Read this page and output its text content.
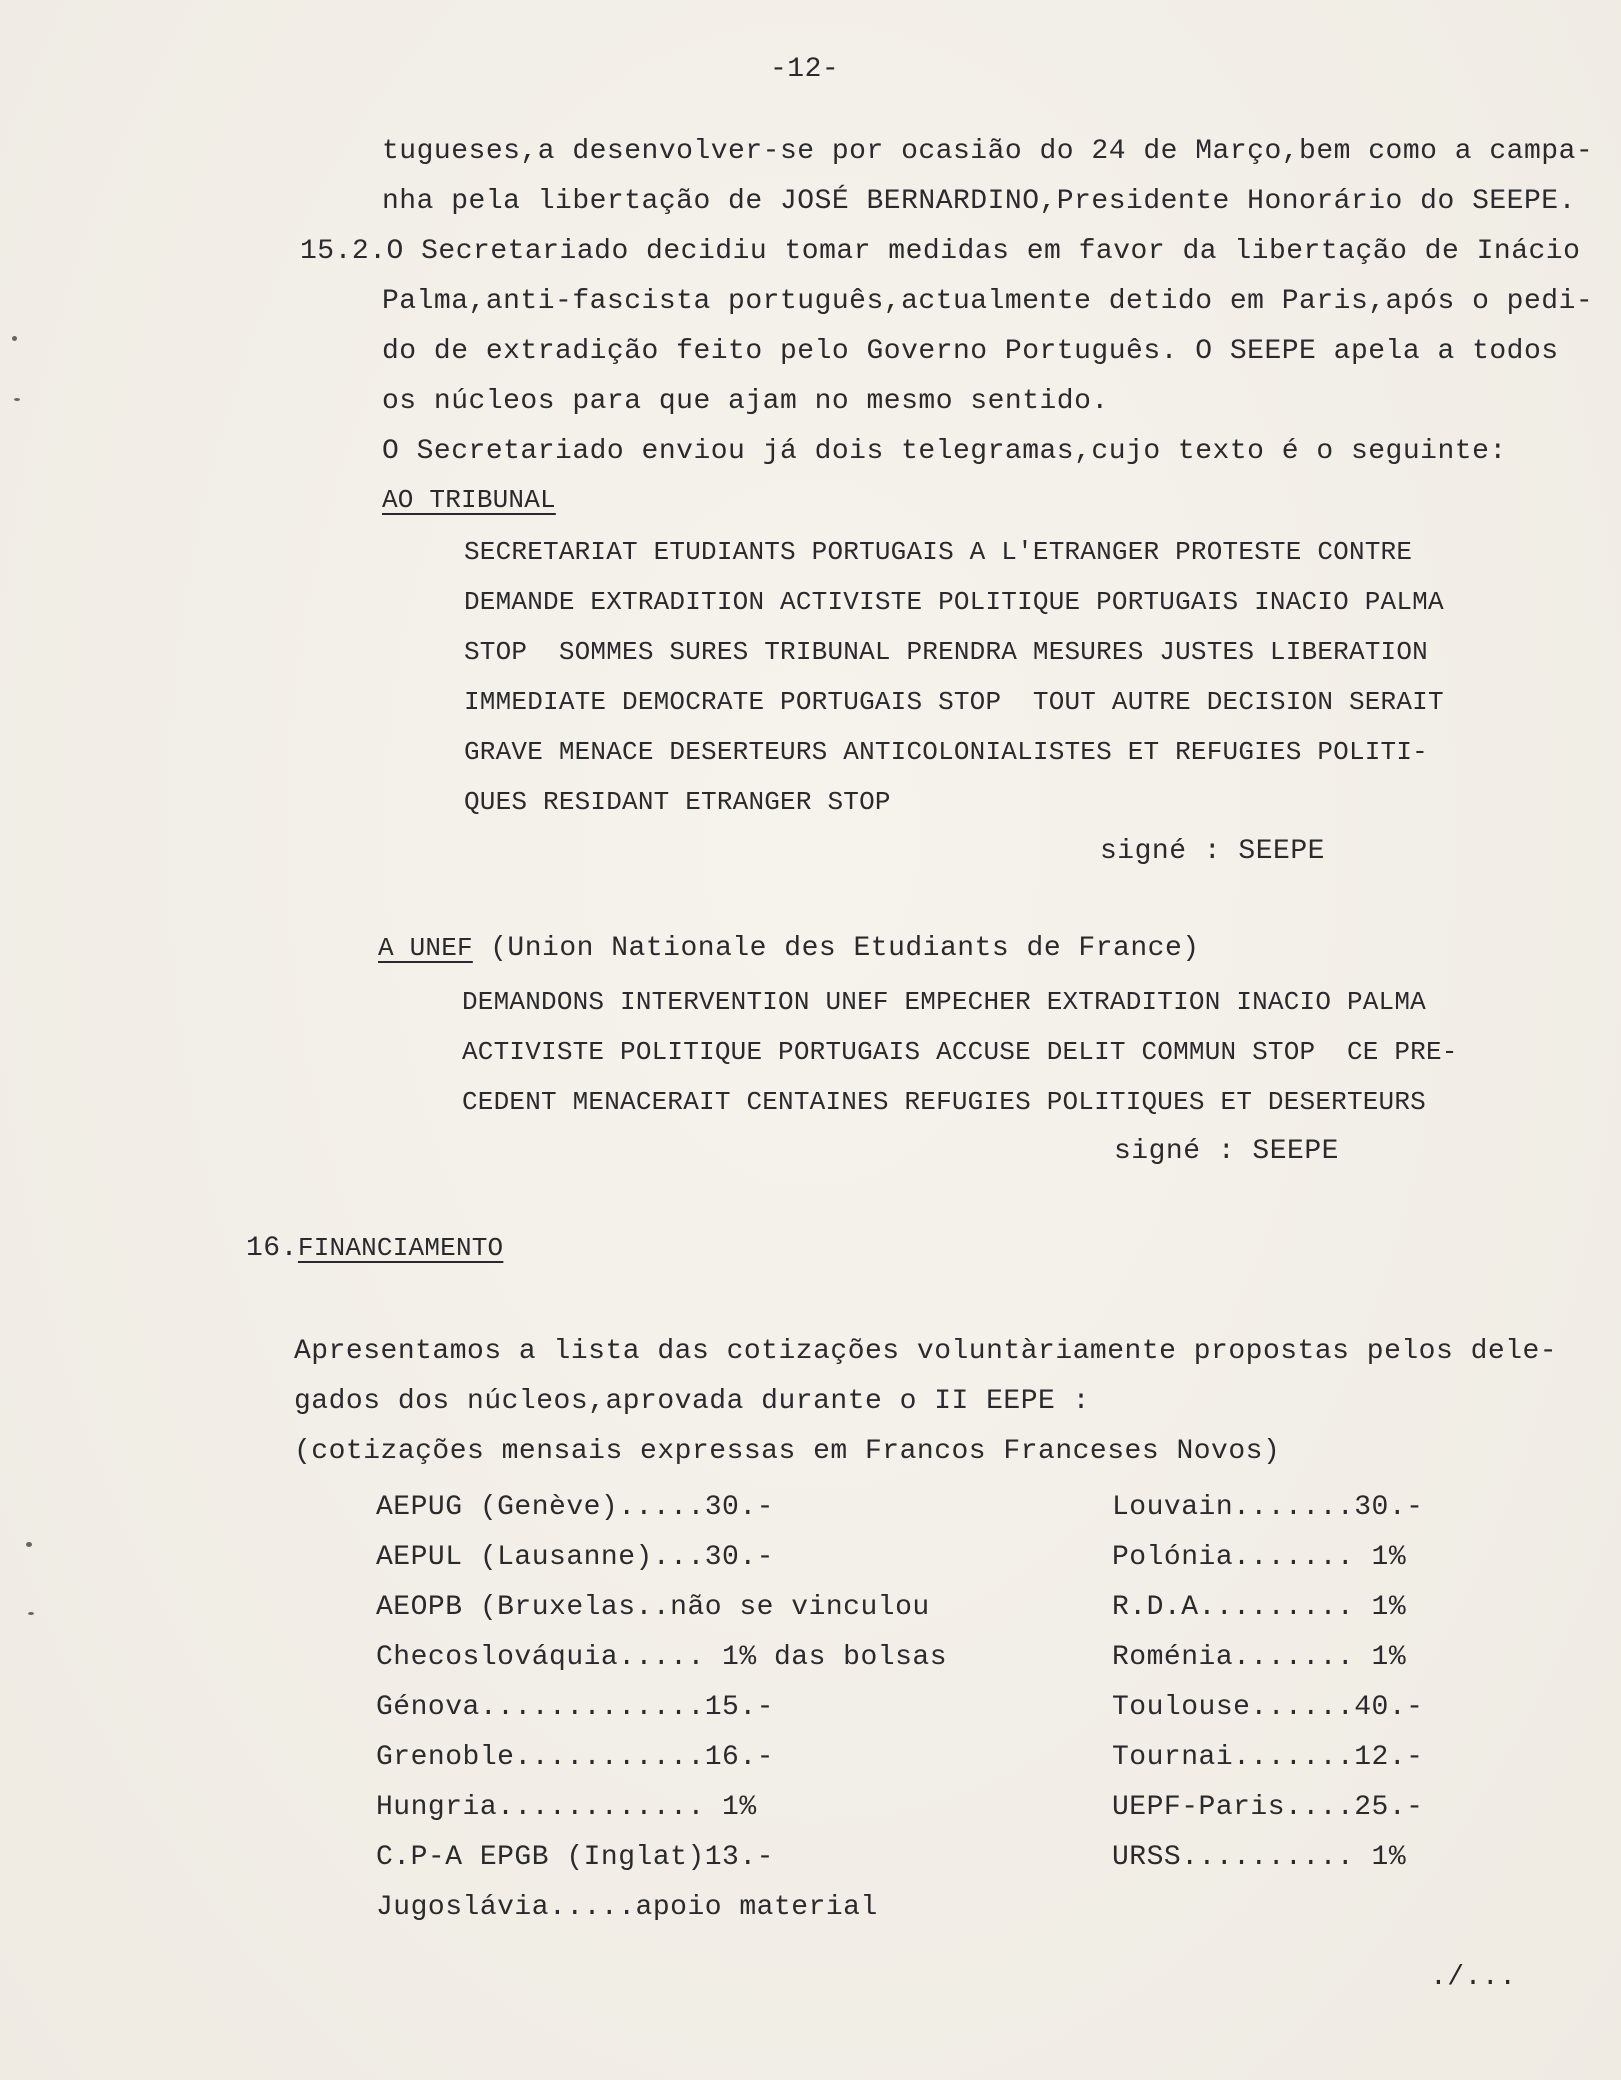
-12-
tugueses,a desenvolver-se por ocasião do 24 de Março,bem como a campa-
nha pela libertação de JOSÉ BERNARDINO,Presidente Honorário do SEEPE.
15.2.O Secretariado decidiu tomar medidas em favor da libertação de Inácio
Palma,anti-fascista português,actualmente detido em Paris,após o pedi-
do de extradição feito pelo Governo Português. O SEEPE apela a todos
os núcleos para que ajam no mesmo sentido.
O Secretariado enviou já dois telegramas,cujo texto é o seguinte:
AO TRIBUNAL
SECRETARIAT ETUDIANTS PORTUGAIS A L'ETRANGER PROTESTE CONTRE
DEMANDE EXTRADITION ACTIVISTE POLITIQUE PORTUGAIS INACIO PALMA
STOP  SOMMES SURES TRIBUNAL PRENDRA MESURES JUSTES LIBERATION
IMMEDIATE DEMOCRATE PORTUGAIS STOP  TOUT AUTRE DECISION SERAIT
GRAVE MENACE DESERTEURS ANTICOLONIALISTES ET REFUGIES POLITI-
QUES RESIDANT ETRANGER STOP
signé : SEEPE
A UNEF (Union Nationale des Etudiants de France)
DEMANDONS INTERVENTION UNEF EMPECHER EXTRADITION INACIO PALMA
ACTIVISTE POLITIQUE PORTUGAIS ACCUSE DELIT COMMUN STOP  CE PRE-
CEDENT MENACERAIT CENTAINES REFUGIES POLITIQUES ET DESERTEURS
signé : SEEPE
16.FINANCIAMENTO
Apresentamos a lista das cotizações voluntàriamente propostas pelos dele-
gados dos núcleos,aprovada durante o II EEPE :
(cotizações mensais expressas em Francos Franceses Novos)
AEPUG (Genève).....30.-
AEPUL (Lausanne)...30.-
AEOPB (Bruxelas..não se vinculou
Checoslováquia..... 1% das bolsas
Génova.............15.-
Grenoble...........16.-
Hungria............ 1%
C.P-A EPGB (Inglat)13.-
Jugoslávia.....apoio material
Louvain.......30.-
Polónia....... 1%
R.D.A......... 1%
Roménia....... 1%
Toulouse......40.-
Tournai.......12.-
UEPF-Paris....25.-
URSS.......... 1%
./...
